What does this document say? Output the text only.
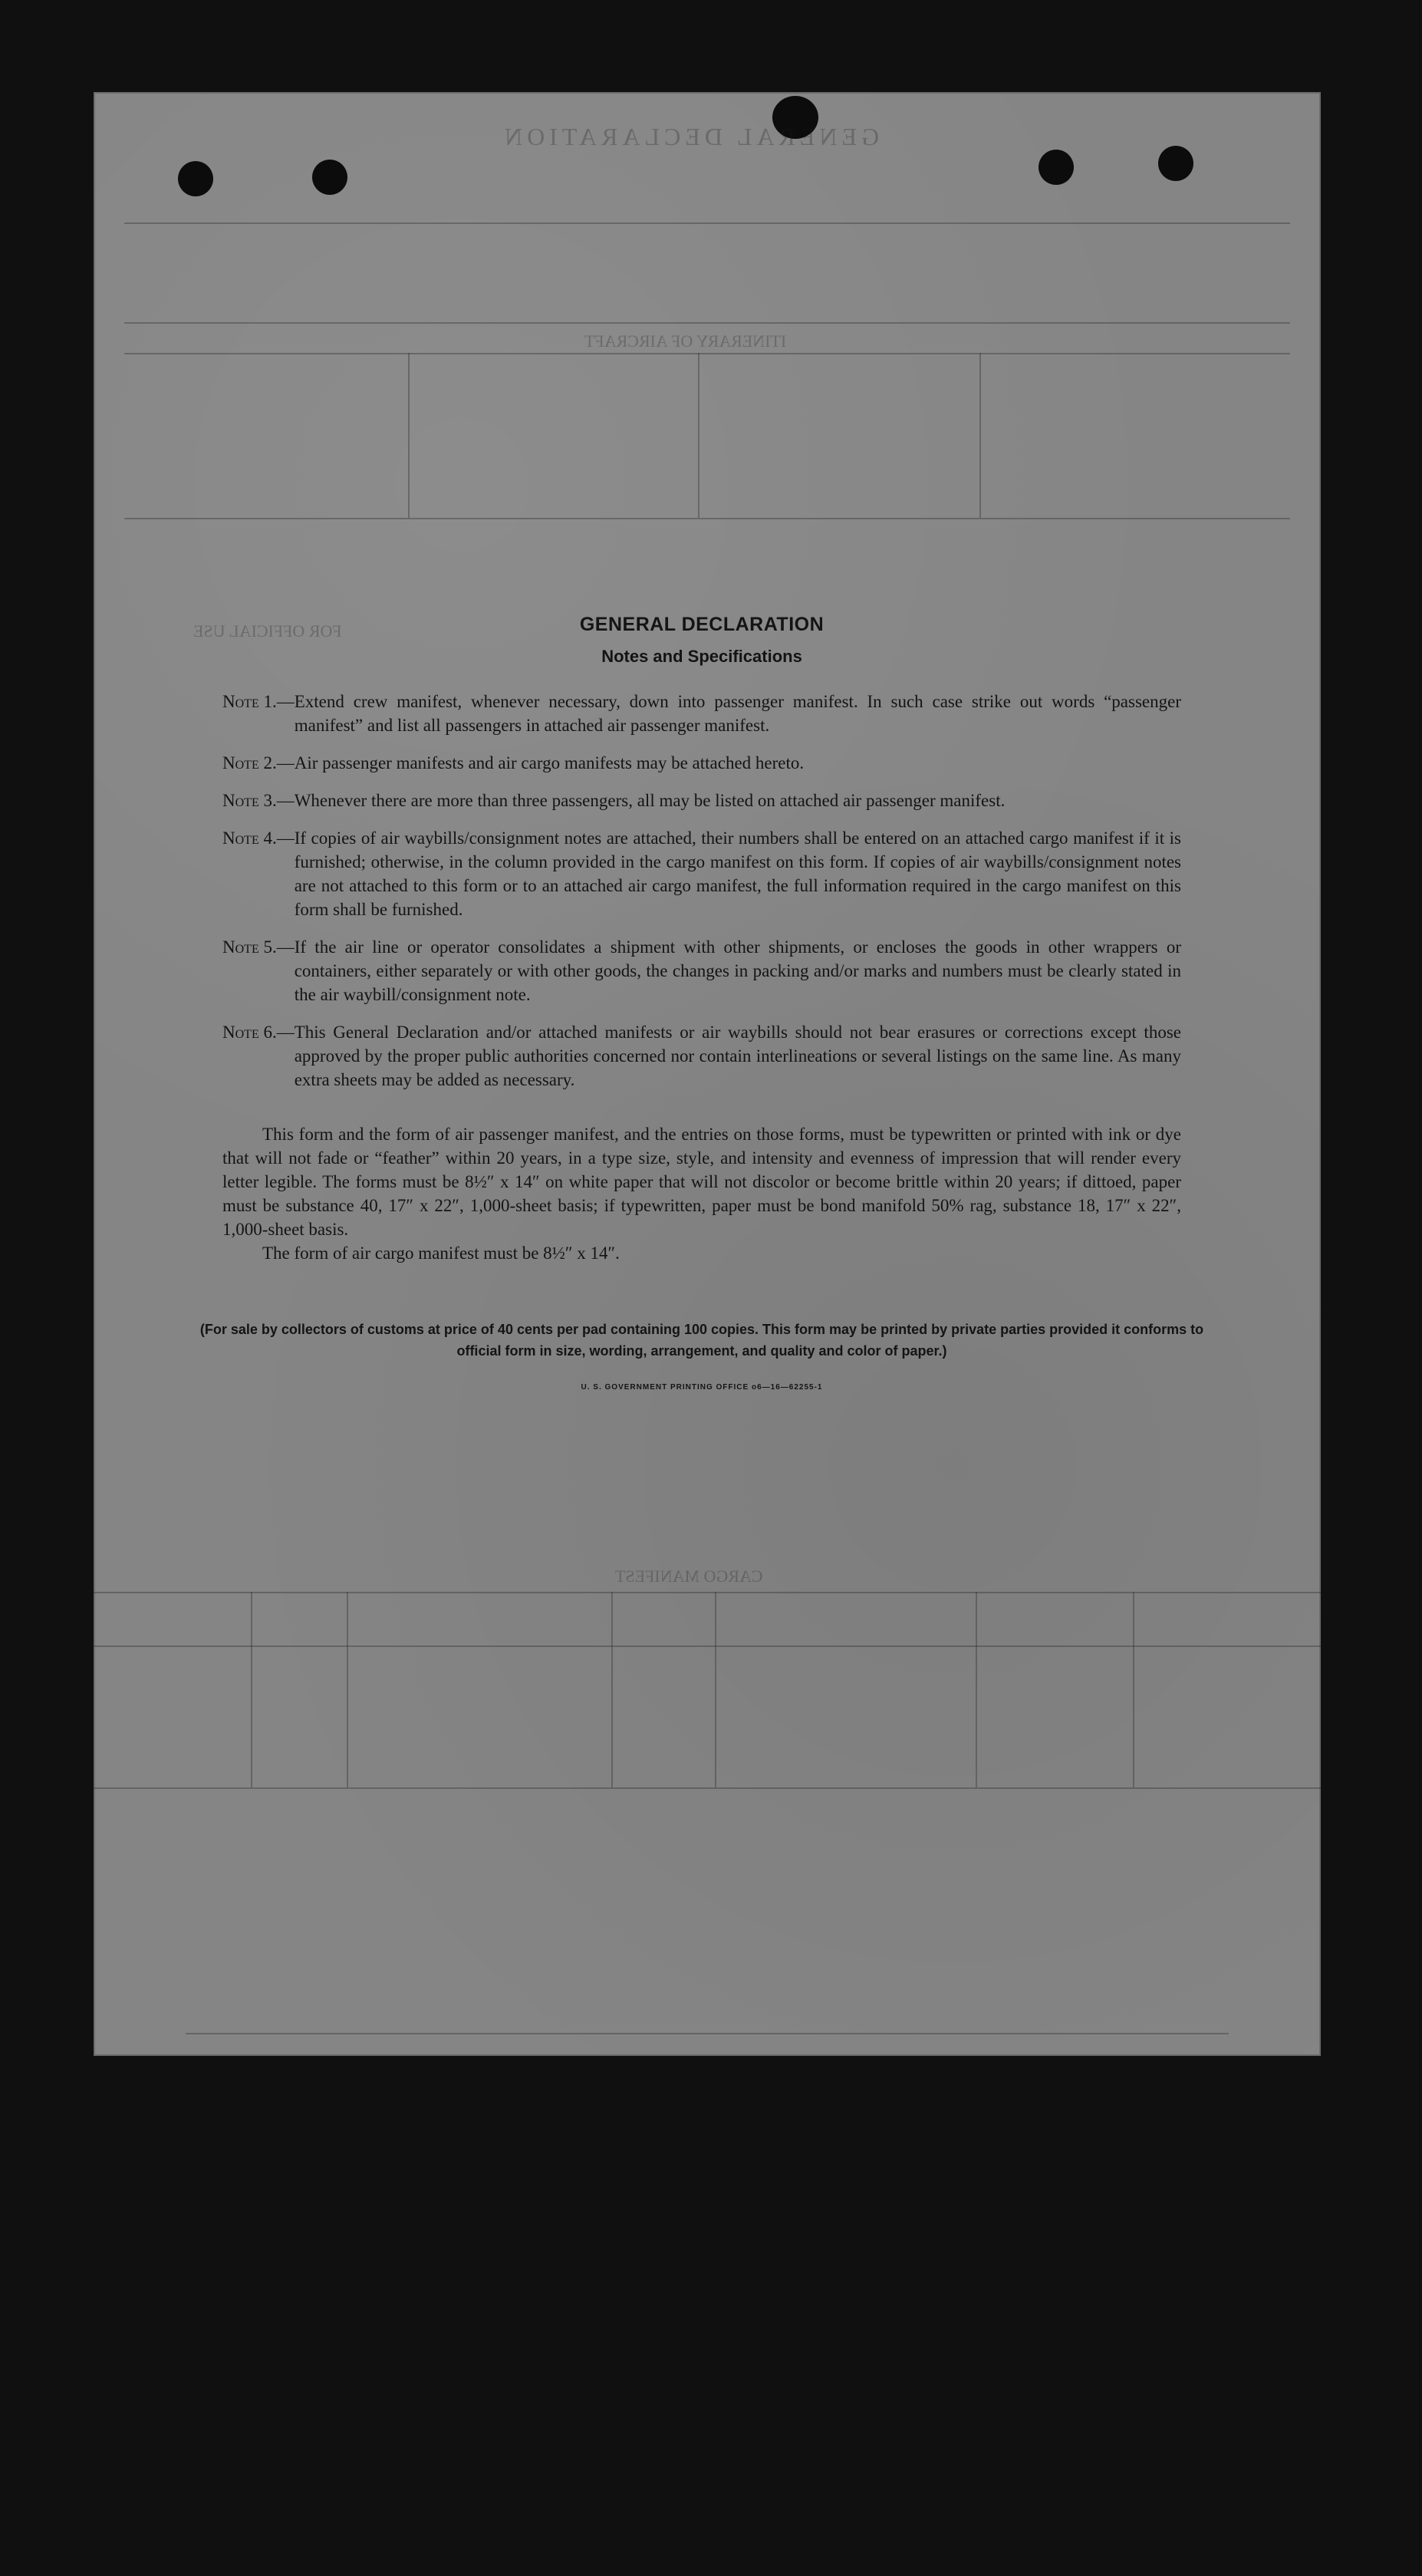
GENERAL DECLARATION
ITINERARY OF AIRCRAFT
FOR OFFICIAL USE
CARGO MANIFEST
GENERAL DECLARATION
Notes and Specifications
Note 1. — Extend crew manifest, whenever necessary, down into passenger manifest. In such case strike out words “passenger manifest” and list all passengers in attached air passenger manifest.
Note 2. — Air passenger manifests and air cargo manifests may be attached hereto.
Note 3. — Whenever there are more than three passengers, all may be listed on attached air passenger manifest.
Note 4. — If copies of air waybills/consignment notes are attached, their numbers shall be entered on an attached cargo manifest if it is furnished; otherwise, in the column provided in the cargo manifest on this form. If copies of air waybills/consignment notes are not attached to this form or to an attached air cargo manifest, the full information required in the cargo manifest on this form shall be furnished.
Note 5. — If the air line or operator consolidates a shipment with other shipments, or encloses the goods in other wrappers or containers, either separately or with other goods, the changes in packing and/or marks and numbers must be clearly stated in the air waybill/consignment note.
Note 6. — This General Declaration and/or attached manifests or air waybills should not bear erasures or corrections except those approved by the proper public authorities concerned nor contain interlineations or several listings on the same line. As many extra sheets may be added as necessary.

This form and the form of air passenger manifest, and the entries on those forms, must be typewritten or printed with ink or dye that will not fade or “feather” within 20 years, in a type size, style, and intensity and evenness of impression that will render every letter legible. The forms must be 8½″ x 14″ on white paper that will not discolor or become brittle within 20 years; if dittoed, paper must be substance 40, 17″ x 22″, 1,000-sheet basis; if typewritten, paper must be bond manifold 50% rag, substance 18, 17″ x 22″, 1,000-sheet basis.

The form of air cargo manifest must be 8½″ x 14″.

(For sale by collectors of customs at price of 40 cents per pad containing 100 copies. This form may be printed by private parties provided it conforms to official form in size, wording, arrangement, and quality and color of paper.)
U. S. GOVERNMENT PRINTING OFFICE o6—16—62255-1
